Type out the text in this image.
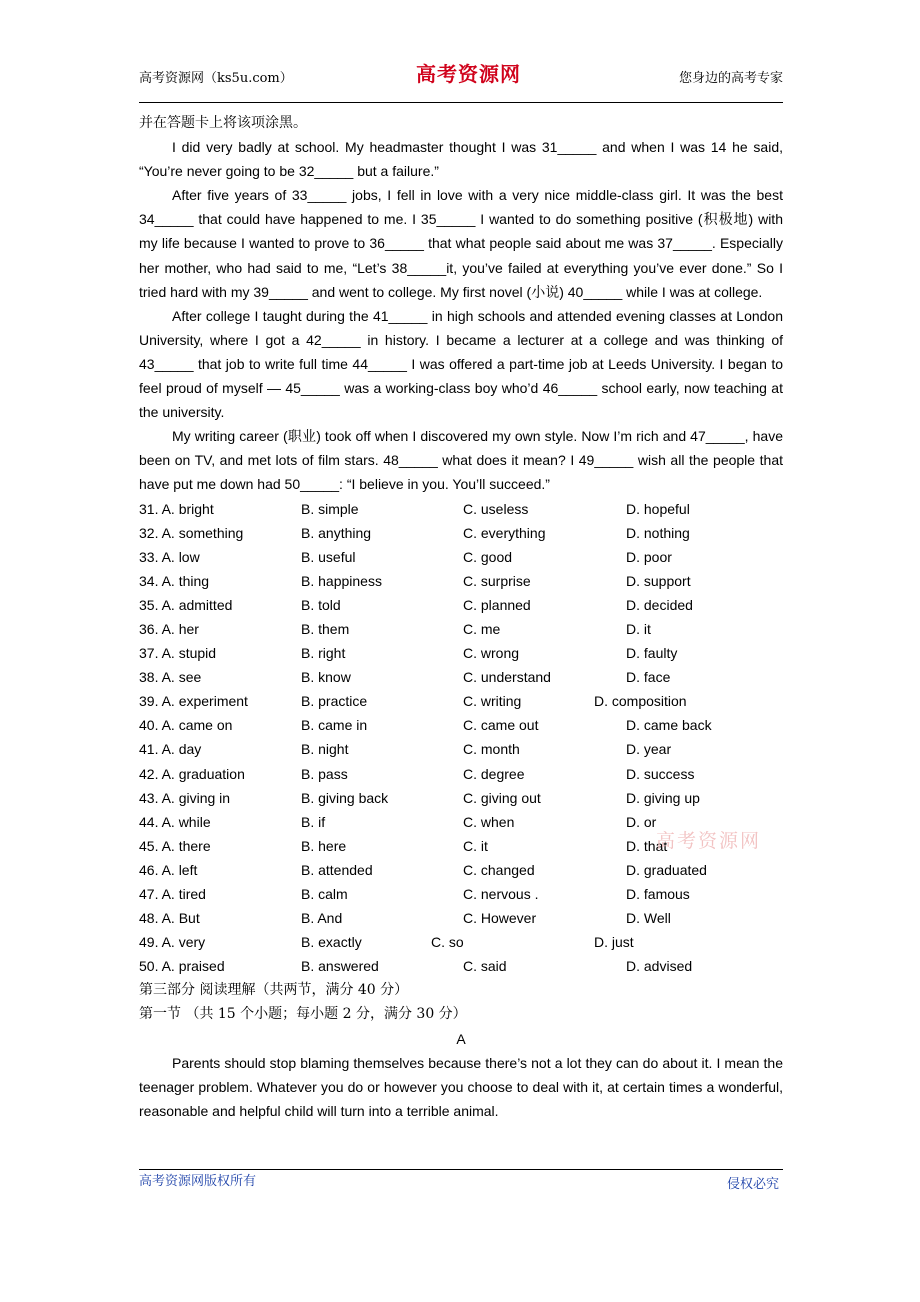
高考资源网（ks5u.com）	高考资源网	您身边的高考专家

并在答题卡上将该项涂黑。

I did very badly at school. My headmaster thought I was 31_____ and when I was 14 he said, “You’re never going to be 32_____ but a failure.”

After five years of 33_____ jobs, I fell in love with a very nice middle-class girl. It was the best 34_____ that could have happened to me. I 35_____ I wanted to do something positive (积极地) with my life because I wanted to prove to 36_____ that what people said about me was 37_____. Especially her mother, who had said to me, “Let’s 38_____it, you’ve failed at everything you’ve ever done.” So I tried hard with my 39_____ and went to college. My first novel (小说) 40_____ while I was at college.

After college I taught during the 41_____ in high schools and attended evening classes at London University, where I got a 42_____ in history. I became a lecturer at a college and was thinking of 43_____ that job to write full time 44_____ I was offered a part-time job at Leeds University. I began to feel proud of myself — 45_____ was a working-class boy who’d 46_____ school early, now teaching at the university.

My writing career (职业) took off when I discovered my own style. Now I’m rich and 47_____, have been on TV, and met lots of film stars. 48_____ what does it mean? I 49_____ wish all the people that have put me down had 50_____: “I believe in you. You’ll succeed.”

31. A. bright	B. simple	C. useless	D. hopeful
32. A. something	B. anything	C. everything	D. nothing
33. A. low	B. useful	C. good	D. poor
34. A. thing	B. happiness	C. surprise	D. support
35. A. admitted	B. told	C. planned	D. decided
36. A. her	B. them	C. me	D. it
37. A. stupid	B. right	C. wrong	D. faulty
38. A. see	B. know	C. understand	D. face
39. A. experiment	B. practice	C. writing	D. composition
40. A. came on	B. came in	C. came out	D. came back
41. A. day	B. night	C. month	D. year
42. A. graduation	B. pass	C. degree	D. success
43. A. giving in	B. giving back	C. giving out	D. giving up
44. A. while	B. if	C. when	D. or
45. A. there	B. here	C. it	D. that
46. A. left	B. attended	C. changed	D. graduated
47. A. tired	B. calm	C. nervous .	D. famous
48. A. But	B. And	C. However	D. Well
49. A. very	B. exactly	C. so	D. just
50. A. praised	B. answered	C. said	D. advised

第三部分 阅读理解（共两节，满分 40 分）

第一节 （共 15 个小题；每小题 2 分，满分 30 分）

A

Parents should stop blaming themselves because there’s not a lot they can do about it. I mean the teenager problem. Whatever you do or however you choose to deal with it, at certain times a wonderful, reasonable and helpful child will turn into a terrible animal.

高考资源网
高考资源网版权所有	侵权必究
